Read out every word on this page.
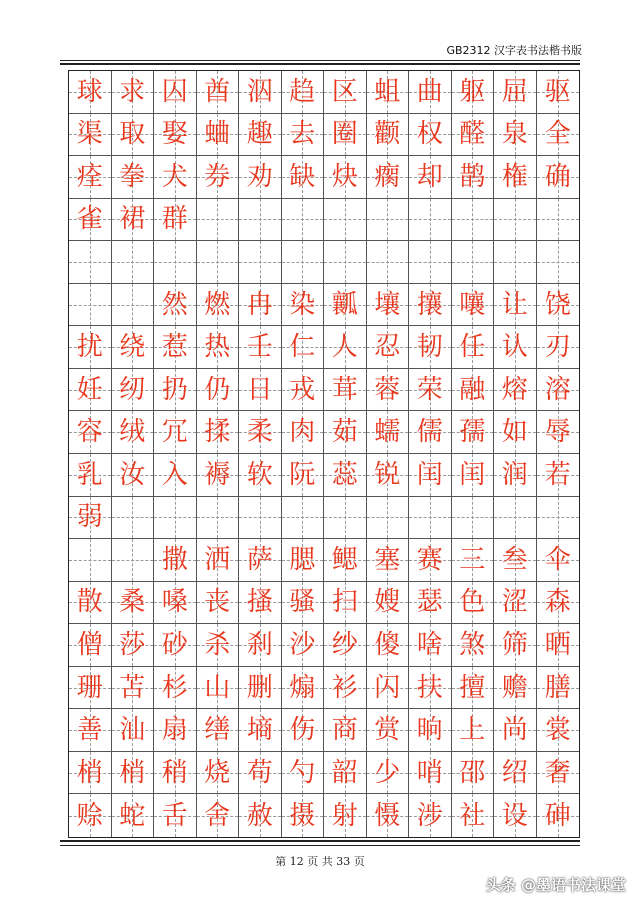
GB2312 汉字表书法楷书版
球 求 囚 酋 泅 趋 区 蛆 曲 躯 屈 驱
渠 取 娶 蛐 趣 去 圈 颧 权 醛 泉 全
痊 拳 犬 券 劝 缺 炔 瘸 却 鹊 権 确
雀 裙 群
然 燃 冉 染 瓤 壤 攘 嚷 让 饶
扰 绕 惹 热 壬 仁 人 忍 韧 任 认 刃
妊 纫 扔 仍 日 戎 茸 蓉 荣 融 熔 溶
容 绒 冗 揉 柔 肉 茹 蠕 儒 孺 如 辱
乳 汝 入 褥 软 阮 蕊 锐 闰 闰 润 若
弱
撒 洒 萨 腮 鳃 塞 赛 三 叁 伞
散 桑 嗓 丧 搔 骚 扫 嫂 瑟 色 涩 森
僧 莎 砂 杀 刹 沙 纱 傻 啥 煞 筛 晒
珊 苫 杉 山 删 煽 衫 闪 扶 擅 赡 膳
善 汕 扇 缮 墒 伤 商 赏 晌 上 尚 裳
梢 梢 稍 烧 苟 勺 韶 少 哨 邵 绍 奢
赊 蛇 舌 舍 赦 摄 射 慑 涉 社 设 砷
第 12 页 共 33 页
头条 @墨语书法课堂
